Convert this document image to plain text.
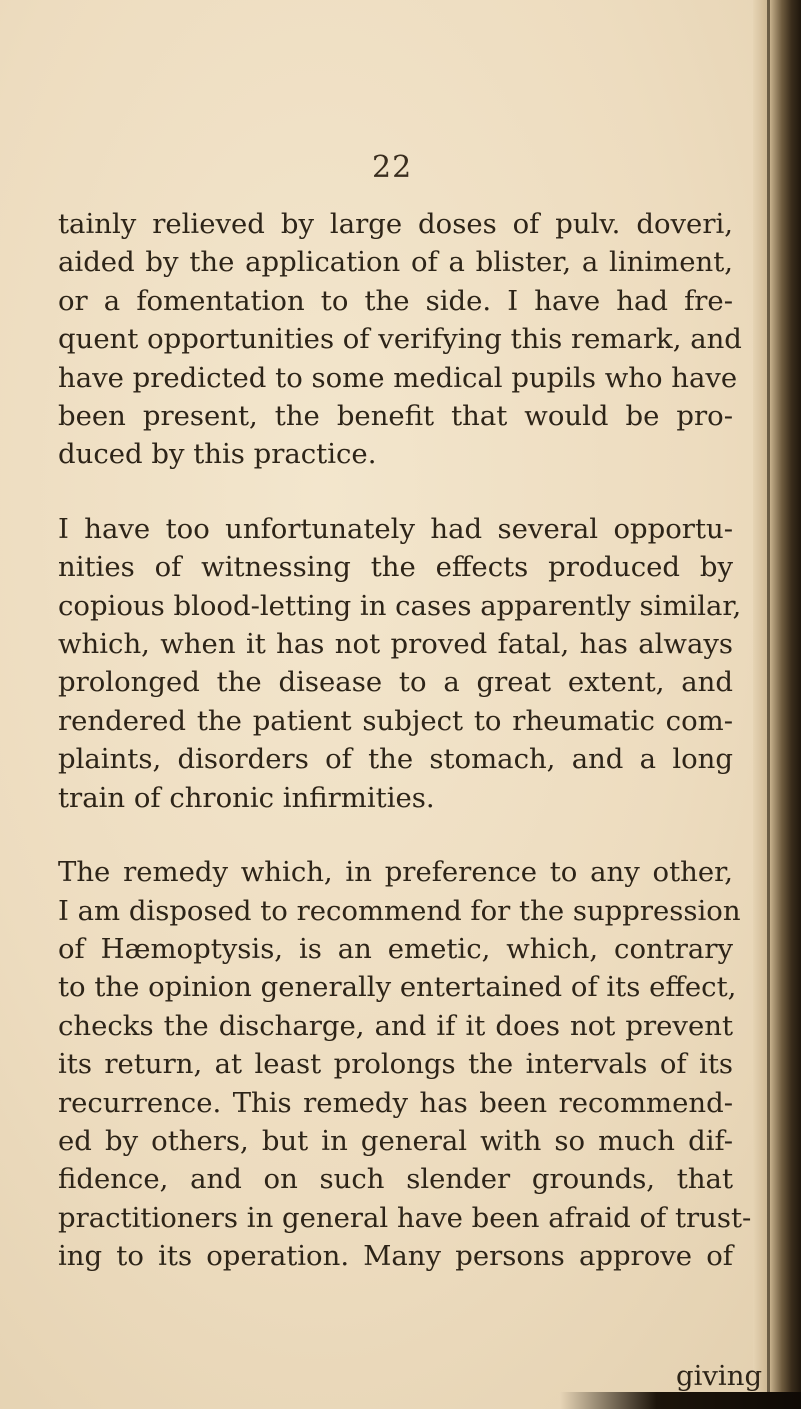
22

tainly relieved by large doses of pulv. doveri,
aided by the application of a blister, a liniment,
or a fomentation to the side. I have had fre-
quent opportunities of verifying this remark, and
have predicted to some medical pupils who have
been present, the benefit that would be pro-
duced by this practice.

I have too unfortunately had several opportu-
nities of witnessing the effects produced by
copious blood-letting in cases apparently similar,
which, when it has not proved fatal, has always
prolonged the disease to a great extent, and
rendered the patient subject to rheumatic com-
plaints, disorders of the stomach, and a long
train of chronic infirmities.

The remedy which, in preference to any other,
I am disposed to recommend for the suppression
of Hæmoptysis, is an emetic, which, contrary
to the opinion generally entertained of its effect,
checks the discharge, and if it does not prevent
its return, at least prolongs the intervals of its
recurrence. This remedy has been recommend-
ed by others, but in general with so much dif-
fidence, and on such slender grounds, that
practitioners in general have been afraid of trust-
ing to its operation. Many persons approve of

giving
